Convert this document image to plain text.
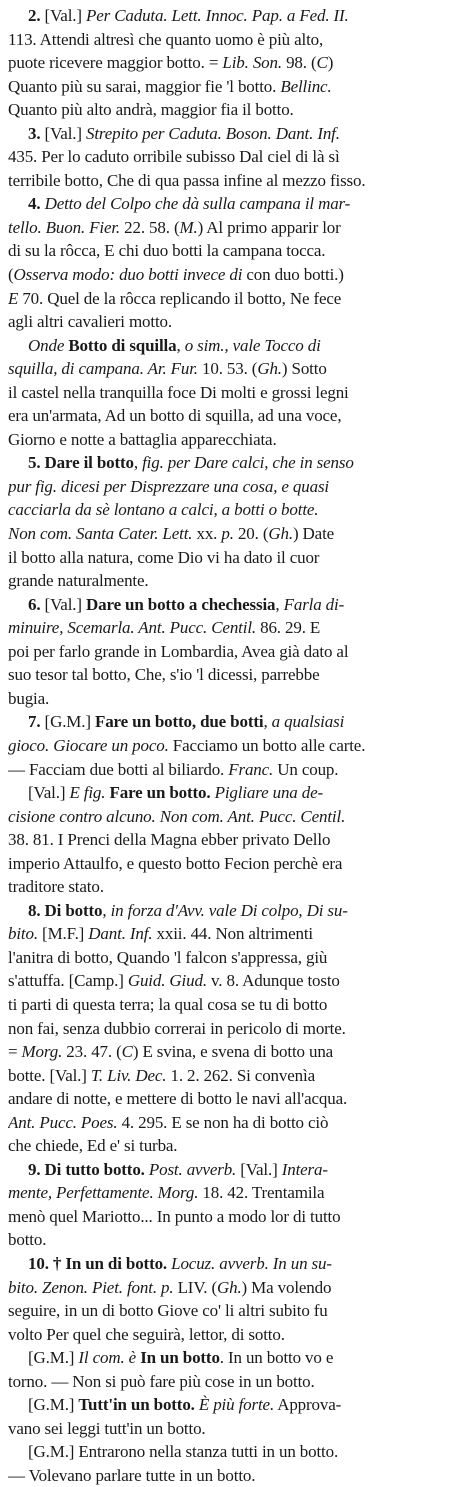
2. [Val.] Per Caduta. Lett. Innoc. Pap. a Fed. II.
113. Attendi altresì che quanto uomo è più alto,
puote ricevere maggior botto. = Lib. Son. 98. (C)
Quanto più su sarai, maggior fie 'l botto. Bellinc.
Quanto più alto andrà, maggior fia il botto.
3. [Val.] Strepito per Caduta. Boson. Dant. Inf.
435. Per lo caduto orribile subisso Dal ciel di là sì
terribile botto, Che di qua passa infine al mezzo fisso.
4. Detto del Colpo che dà sulla campana il mar-
tello. Buon. Fier. 22. 58. (M.) Al primo apparir lor
di su la rôcca, E chi duo botti la campana tocca.
(Osserva modo: duo botti invece di con duo botti.)
E 70. Quel de la rôcca replicando il botto, Ne fece
agli altri cavalieri motto.
Onde Botto di squilla, o sim., vale Tocco di
squilla, di campana. Ar. Fur. 10. 53. (Gh.) Sotto
il castel nella tranquilla foce Di molti e grossi legni
era un'armata, Ad un botto di squilla, ad una voce,
Giorno e notte a battaglia apparecchiata.
5. Dare il botto, fig. per Dare calci, che in senso
pur fig. dicesi per Disprezzare una cosa, e quasi
cacciarla da sè lontano a calci, a botti o botte.
Non com. Santa Cater. Lett. xx. p. 20. (Gh.) Date
il botto alla natura, come Dio vi ha dato il cuor
grande naturalmente.
6. [Val.] Dare un botto a chechessia, Farla di-
minuire, Scemarla. Ant. Pucc. Centil. 86. 29. E
poi per farlo grande in Lombardia, Avea già dato al
suo tesor tal botto, Che, s'io 'l dicessi, parrebbe
bugia.
7. [G.M.] Fare un botto, due botti, a qualsiasi
gioco. Giocare un poco. Facciamo un botto alle carte.
— Facciam due botti al biliardo. Franc. Un coup.
[Val.] E fig. Fare un botto. Pigliare una de-
cisione contro alcuno. Non com. Ant. Pucc. Centil.
38. 81. I Prenci della Magna ebber privato Dello
imperio Attaulfo, e questo botto Fecion perchè era
traditore stato.
8. Di botto, in forza d'Avv. vale Di colpo, Di su-
bito. [M.F.] Dant. Inf. xxii. 44. Non altrimenti
l'anitra di botto, Quando 'l falcon s'appressa, giù
s'attuffa. [Camp.] Guid. Giud. v. 8. Adunque tosto
ti parti di questa terra; la qual cosa se tu di botto
non fai, senza dubbio correrai in pericolo di morte.
= Morg. 23. 47. (C) E svina, e svena di botto una
botte. [Val.] T. Liv. Dec. 1. 2. 262. Si convenìa
andare di notte, e mettere di botto le navi all'acqua.
Ant. Pucc. Poes. 4. 295. E se non ha di botto ciò
che chiede, Ed e' si turba.
9. Di tutto botto. Post. avverb. [Val.] Intera-
mente, Perfettamente. Morg. 18. 42. Trentamila
menò quel Mariotto... In punto a modo lor di tutto
botto.
10. † In un di botto. Locuz. avverb. In un su-
bito. Zenon. Piet. font. p. LIV. (Gh.) Ma volendo
seguire, in un di botto Giove co' li altri subito fu
volto Per quel che seguirà, lettor, di sotto.
[G.M.] Il com. è In un botto. In un botto vo e
torno. — Non si può fare più cose in un botto.
[G.M.] Tutt'in un botto. È più forte. Approva-
vano sei leggi tutt'in un botto.
[G.M.] Entrarono nella stanza tutti in un botto.
— Volevano parlare tutte in un botto.
